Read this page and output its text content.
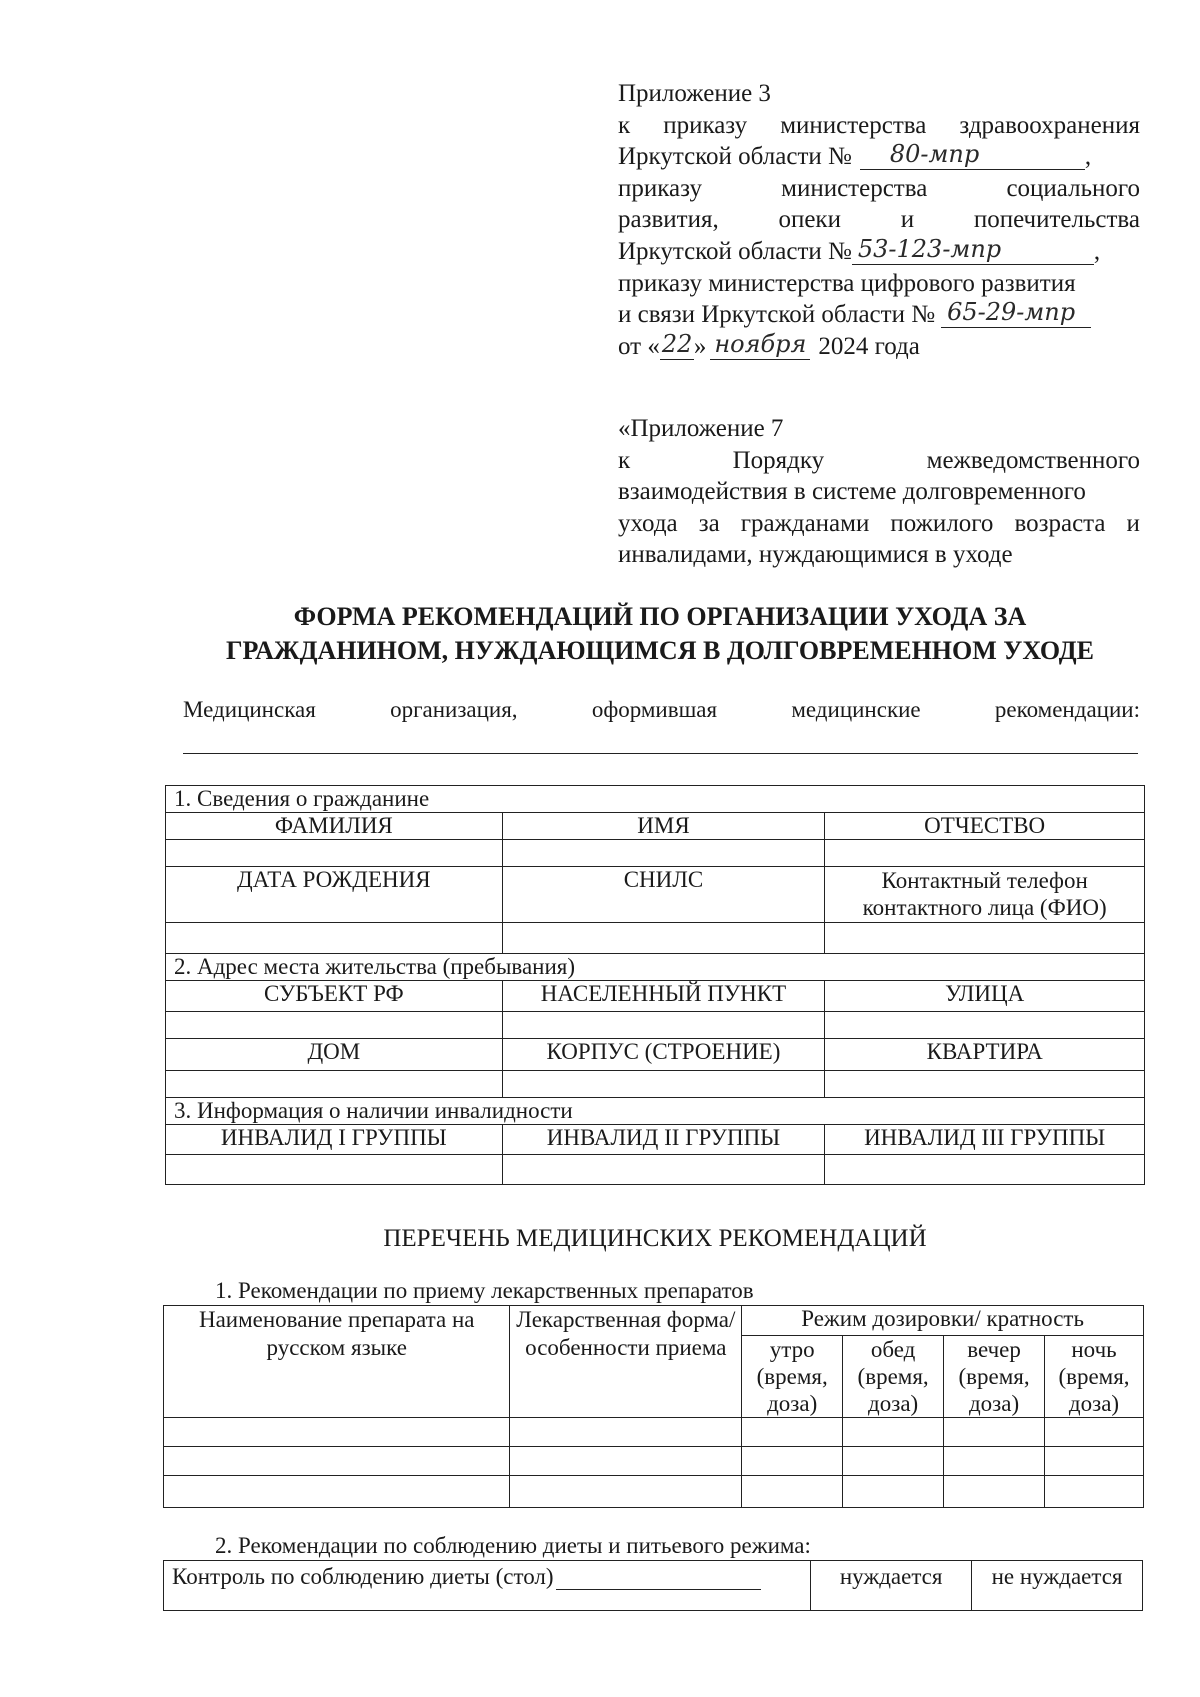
Приложение 3
к приказу министерства здравоохранения
Иркутской области № 80-мпр	,
приказу	министерства	социального
развития, опеки и попечительства
Иркутской области № 53-123-мпр	,
приказу министерства цифрового развития
и связи Иркутской области № 65-29-мпр
от « 22 » ноября 2024 года
«Приложение 7
к	Порядку	межведомственного
взаимодействия в системе долговременного
ухода за гражданами пожилого возраста и
инвалидами, нуждающимися в уходе
ФОРМА РЕКОМЕНДАЦИЙ ПО ОРГАНИЗАЦИИ УХОДА ЗА
ГРАЖДАНИНОМ, НУЖДАЮЩИМСЯ В ДОЛГОВРЕМЕННОМ УХОДЕ
Медицинская	организация,	оформившая	медицинские	рекомендации:
1. Сведения о гражданине		
ФАМИЛИЯ	ИМЯ	ОТЧЕСТВО

ДАТА РОЖДЕНИЯ	СНИЛС	Контактный телефон контактного лица (ФИО)

2. Адрес места жительства (пребывания)		
СУБЪЕКТ РФ	НАСЕЛЕННЫЙ ПУНКТ	УЛИЦА

ДОМ	КОРПУС (СТРОЕНИЕ)	КВАРТИРА

3. Информация о наличии инвалидности		
ИНВАЛИД I ГРУППЫ	ИНВАЛИД II ГРУППЫ	ИНВАЛИД III ГРУППЫ

ПЕРЕЧЕНЬ МЕДИЦИНСКИХ РЕКОМЕНДАЦИЙ
1. Рекомендации по приему лекарственных препаратов
Наименование препарата на русском языке	Лекарственная форма/особенности приема	Режим дозировки/ кратность			
		утро (время, доза)	обед (время, доза)	вечер (время, доза)	ночь (время, доза)

2. Рекомендации по соблюдению диеты и питьевого режима:
Контроль по соблюдению диеты (стол)	нуждается	не нуждается
